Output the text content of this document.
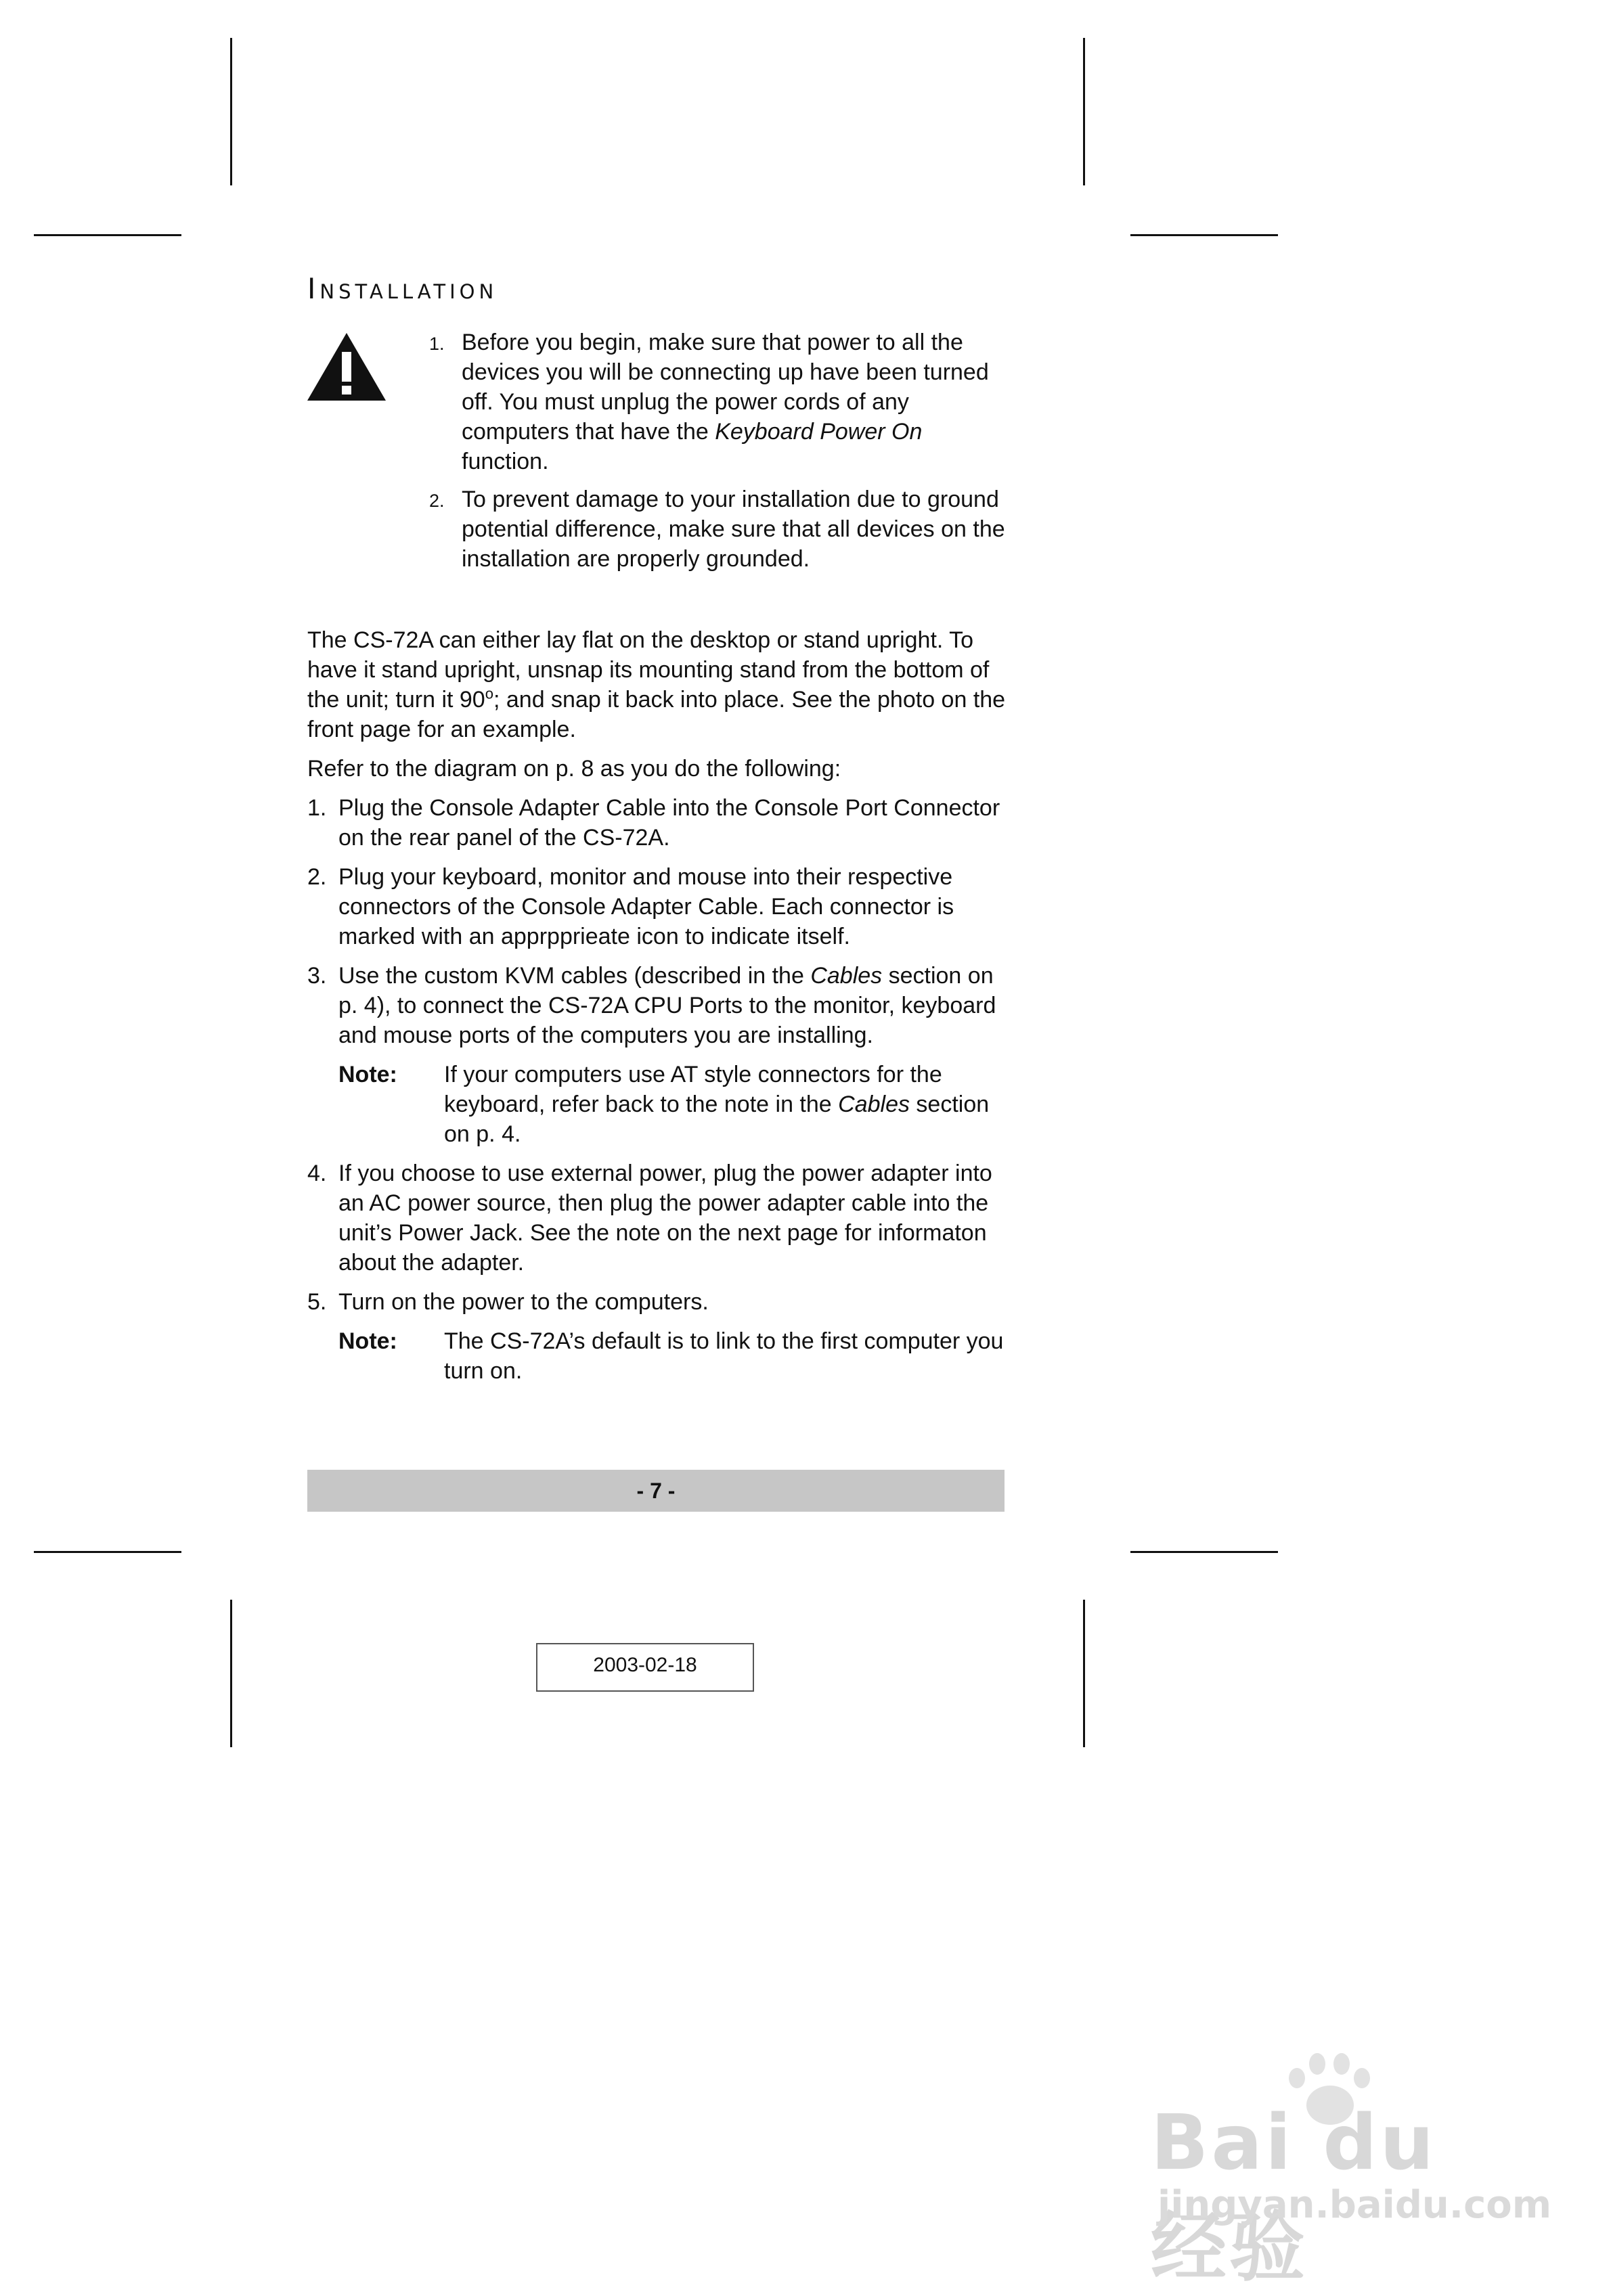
Installation
1. Before you begin, make sure that power to all the devices you will be connecting up have been turned off. You must unplug the power cords of any computers that have the Keyboard Power On function.
2. To prevent damage to your installation due to ground potential difference, make sure that all devices on the installation are properly grounded.

The CS-72A can either lay flat on the desktop or stand upright. To have it stand upright, unsnap its mounting stand from the bottom of the unit; turn it 90$^o$; and snap it back into place. See the photo on the front page for an example.

Refer to the diagram on p. 8 as you do the following:

1. Plug the Console Adapter Cable into the Console Port Connector on the rear panel of the CS-72A.
2. Plug your keyboard, monitor and mouse into their respective connectors of the Console Adapter Cable. Each connector is marked with an apprpprieate icon to indicate itself.
3. Use the custom KVM cables (described in the Cables section on p. 4), to connect the CS-72A CPU Ports to the monitor, keyboard and mouse ports of the computers you are installing.
Note: If your computers use AT style connectors for the keyboard, refer back to the note in the Cables section on p. 4.
4. If you choose to use external power, plug the power adapter into an AC power source, then plug the power adapter cable into the unit’s Power Jack. See the note on the next page for informaton about the adapter.
5. Turn on the power to the computers.
Note: The CS-72A’s default is to link to the first computer you turn on.
- 7 -
2003-02-18
Bai du 经验
jingyan.baidu.com
